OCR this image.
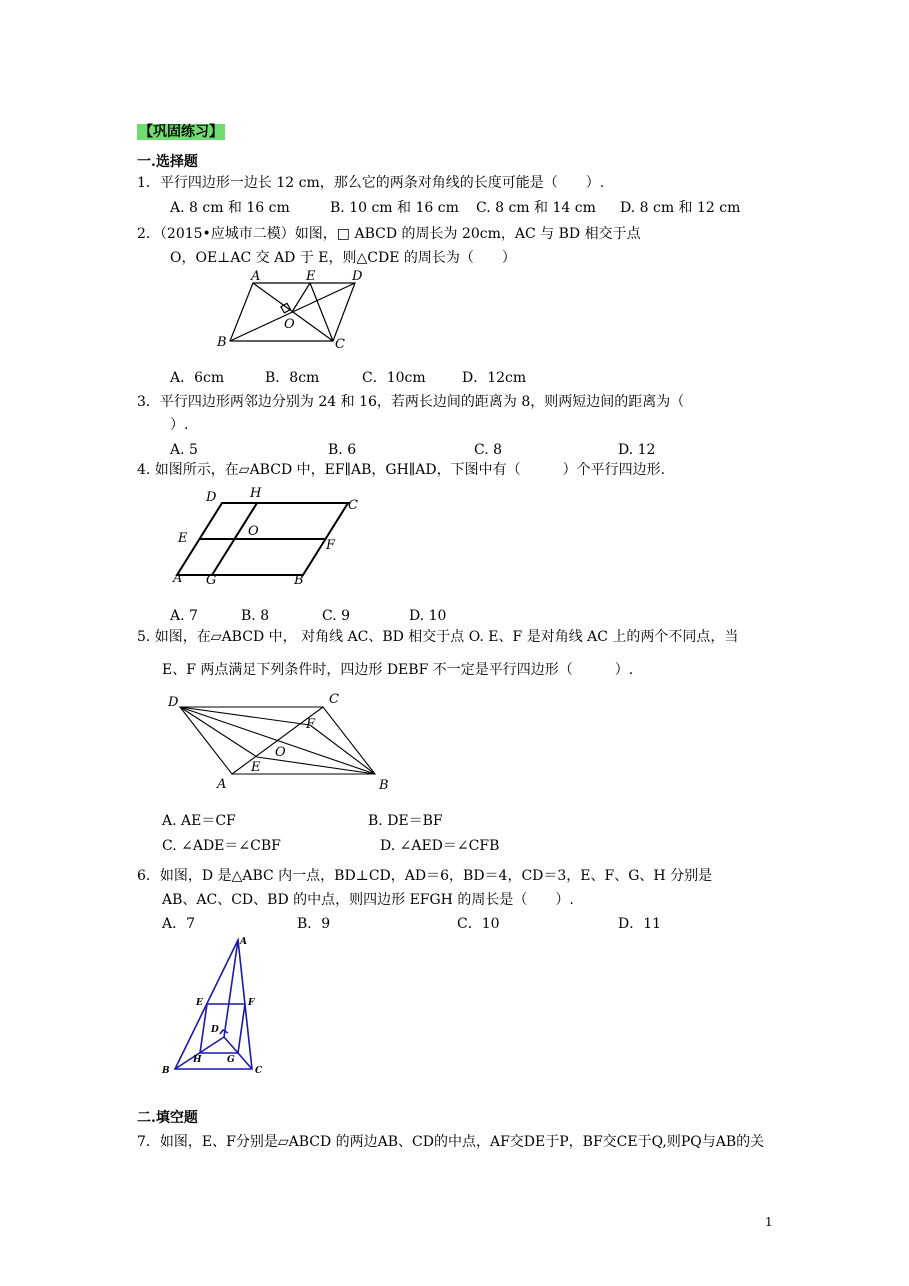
【巩固练习】
一.选择题
1．平行四边形一边长 12 cm，那么它的两条对角线的长度可能是（　　）.
A. 8 cm 和 16 cm	B. 10 cm 和 16 cm C. 8 cm 和 14 cm D. 8 cm 和 12 cm
2．（2015•应城市二模）如图，□ ABCD 的周长为 20cm，AC 与 BD 相交于点
O，OE⊥AC 交 AD 于 E，则△CDE 的周长为（　　）
A	E	D
O
B	C
A．6cm	B．8cm	C．10cm	D．12cm
3．平行四边形两邻边分别为 24 和 16，若两长边间的距离为 8，则两短边间的距离为（
）.
A. 5	B. 6	C. 8	D. 12
4. 如图所示，在▱ABCD 中，EF∥AB，GH∥AD，下图中有（　　　）个平行四边形.
D	H
C
O
E	F
A G	B
A. 7	B. 8	C. 9	D. 10
5. 如图，在▱ABCD 中， 对角线 AC、BD 相交于点 O. E、F 是对角线 AC 上的两个不同点，当
E、F 两点满足下列条件时，四边形 DEBF 不一定是平行四边形（　　　）.
D	C
F
O
E
A	B
A. AE＝CF	B. DE＝BF
C. ∠ADE＝∠CBF	D. ∠AED＝∠CFB
6．如图，D 是△ABC 内一点，BD⊥CD，AD＝6，BD＝4，CD＝3，E、F、G、H 分别是
AB、AC、CD、BD 的中点，则四边形 EFGH 的周长是（　　）.
A．7	B．9	C．10	D．11
A
E	F
D
H	G
B	C
二.填空题
7．如图，E、F分别是▱ABCD 的两边AB、CD的中点，AF交DE于P，BF交CE于Q,则PQ与AB的关
1
